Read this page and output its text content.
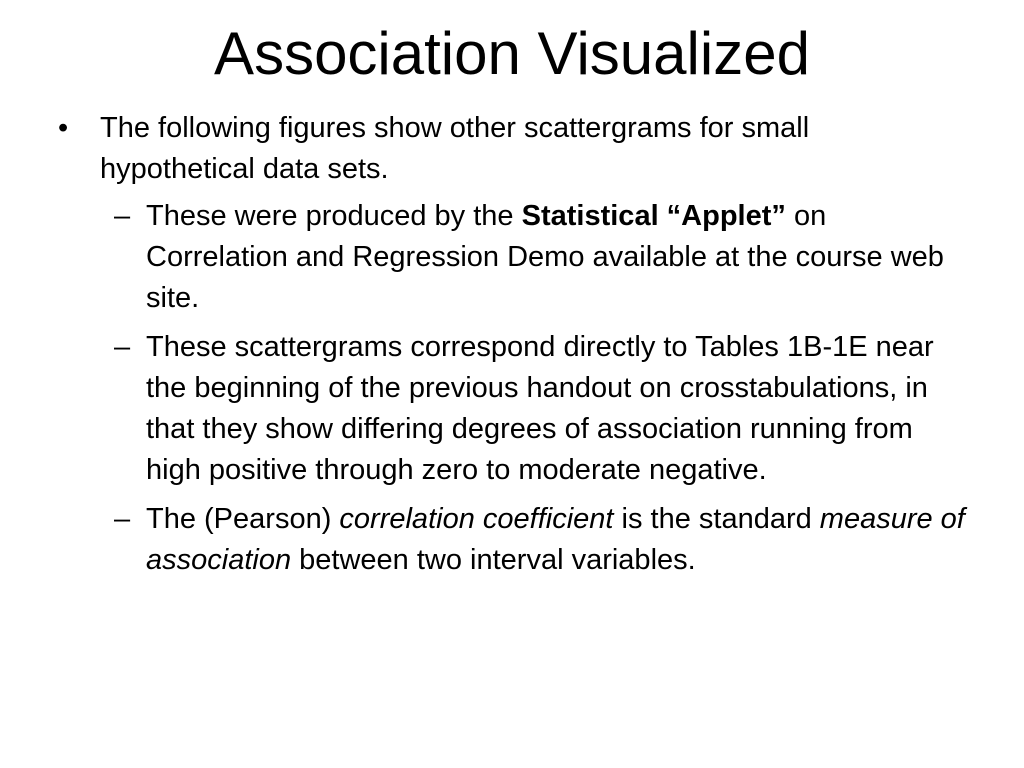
Association Visualized
• The following figures show other scattergrams for small hypothetical data sets.
– These were produced by the Statistical “Applet” on Correlation and Regression Demo available at the course web site.
– These scattergrams correspond directly to Tables 1B-1E near the beginning of the previous handout on crosstabulations, in that they show differing degrees of association running from high positive through zero to moderate negative.
– The (Pearson) correlation coefficient is the standard measure of association between two interval variables.
